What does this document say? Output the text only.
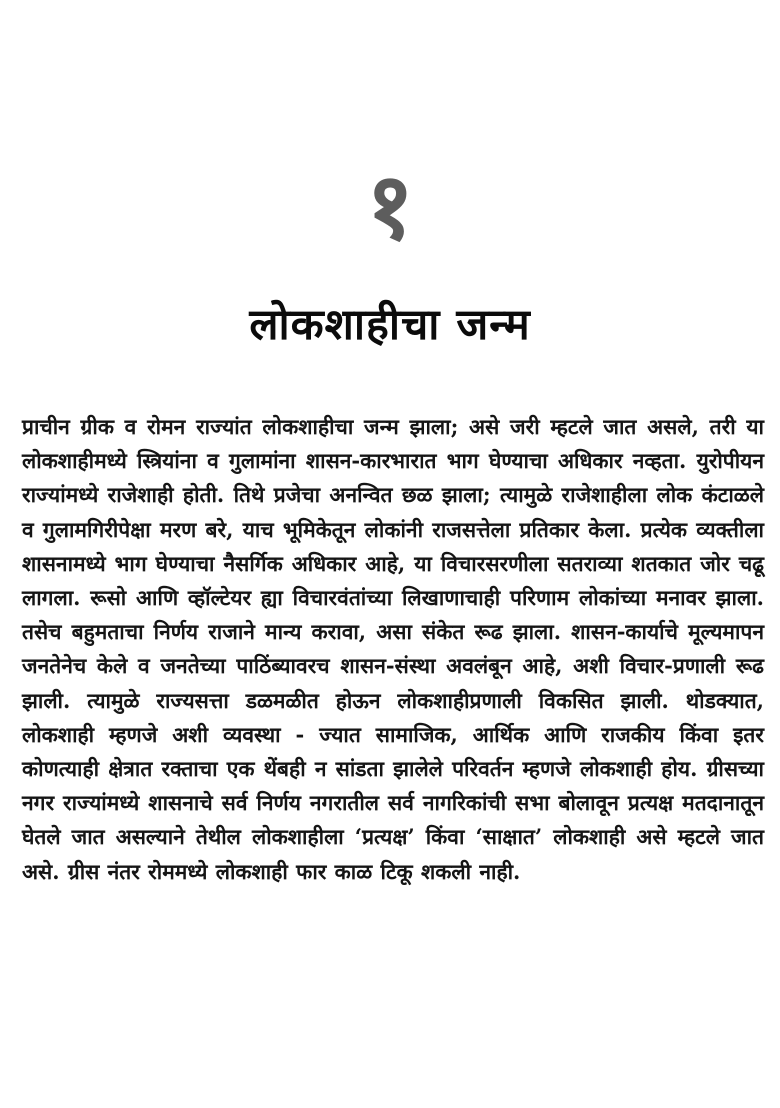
१
लोकशाहीचा जन्म
प्राचीन ग्रीक व रोमन राज्यांत लोकशाहीचा जन्म झाला; असे जरी म्हटले जात असले, तरी या लोकशाहीमध्ये स्त्रियांना व गुलामांना शासन-कारभारात भाग घेण्याचा अधिकार नव्हता. युरोपीयन राज्यांमध्ये राजेशाही होती. तिथे प्रजेचा अनन्वित छळ झाला; त्यामुळे राजेशाहीला लोक कंटाळले व गुलामगिरीपेक्षा मरण बरे, याच भूमिकेतून लोकांनी राजसत्तेला प्रतिकार केला. प्रत्येक व्यक्तीला शासनामध्ये भाग घेण्याचा नैसर्गिक अधिकार आहे, या विचारसरणीला सतराव्या शतकात जोर चढू लागला. रूसो आणि व्हॉल्टेयर ह्या विचारवंतांच्या लिखाणाचाही परिणाम लोकांच्या मनावर झाला. तसेच बहुमताचा निर्णय राजाने मान्य करावा, असा संकेत रूढ झाला. शासन-कार्याचे मूल्यमापन जनतेनेच केले व जनतेच्या पाठिंब्यावरच शासन-संस्था अवलंबून आहे, अशी विचार-प्रणाली रूढ झाली. त्यामुळे राज्यसत्ता डळमळीत होऊन लोकशाहीप्रणाली विकसित झाली. थोडक्यात, लोकशाही म्हणजे अशी व्यवस्था - ज्यात सामाजिक, आर्थिक आणि राजकीय किंवा इतर कोणत्याही क्षेत्रात रक्ताचा एक थेंबही न सांडता झालेले परिवर्तन म्हणजे लोकशाही होय. ग्रीसच्या नगर राज्यांमध्ये शासनाचे सर्व निर्णय नगरातील सर्व नागरिकांची सभा बोलावून प्रत्यक्ष मतदानातून घेतले जात असल्याने तेथील लोकशाहीला ‘प्रत्यक्ष’ किंवा ‘साक्षात’ लोकशाही असे म्हटले जात असे. ग्रीस नंतर रोममध्ये लोकशाही फार काळ टिकू शकली नाही.
